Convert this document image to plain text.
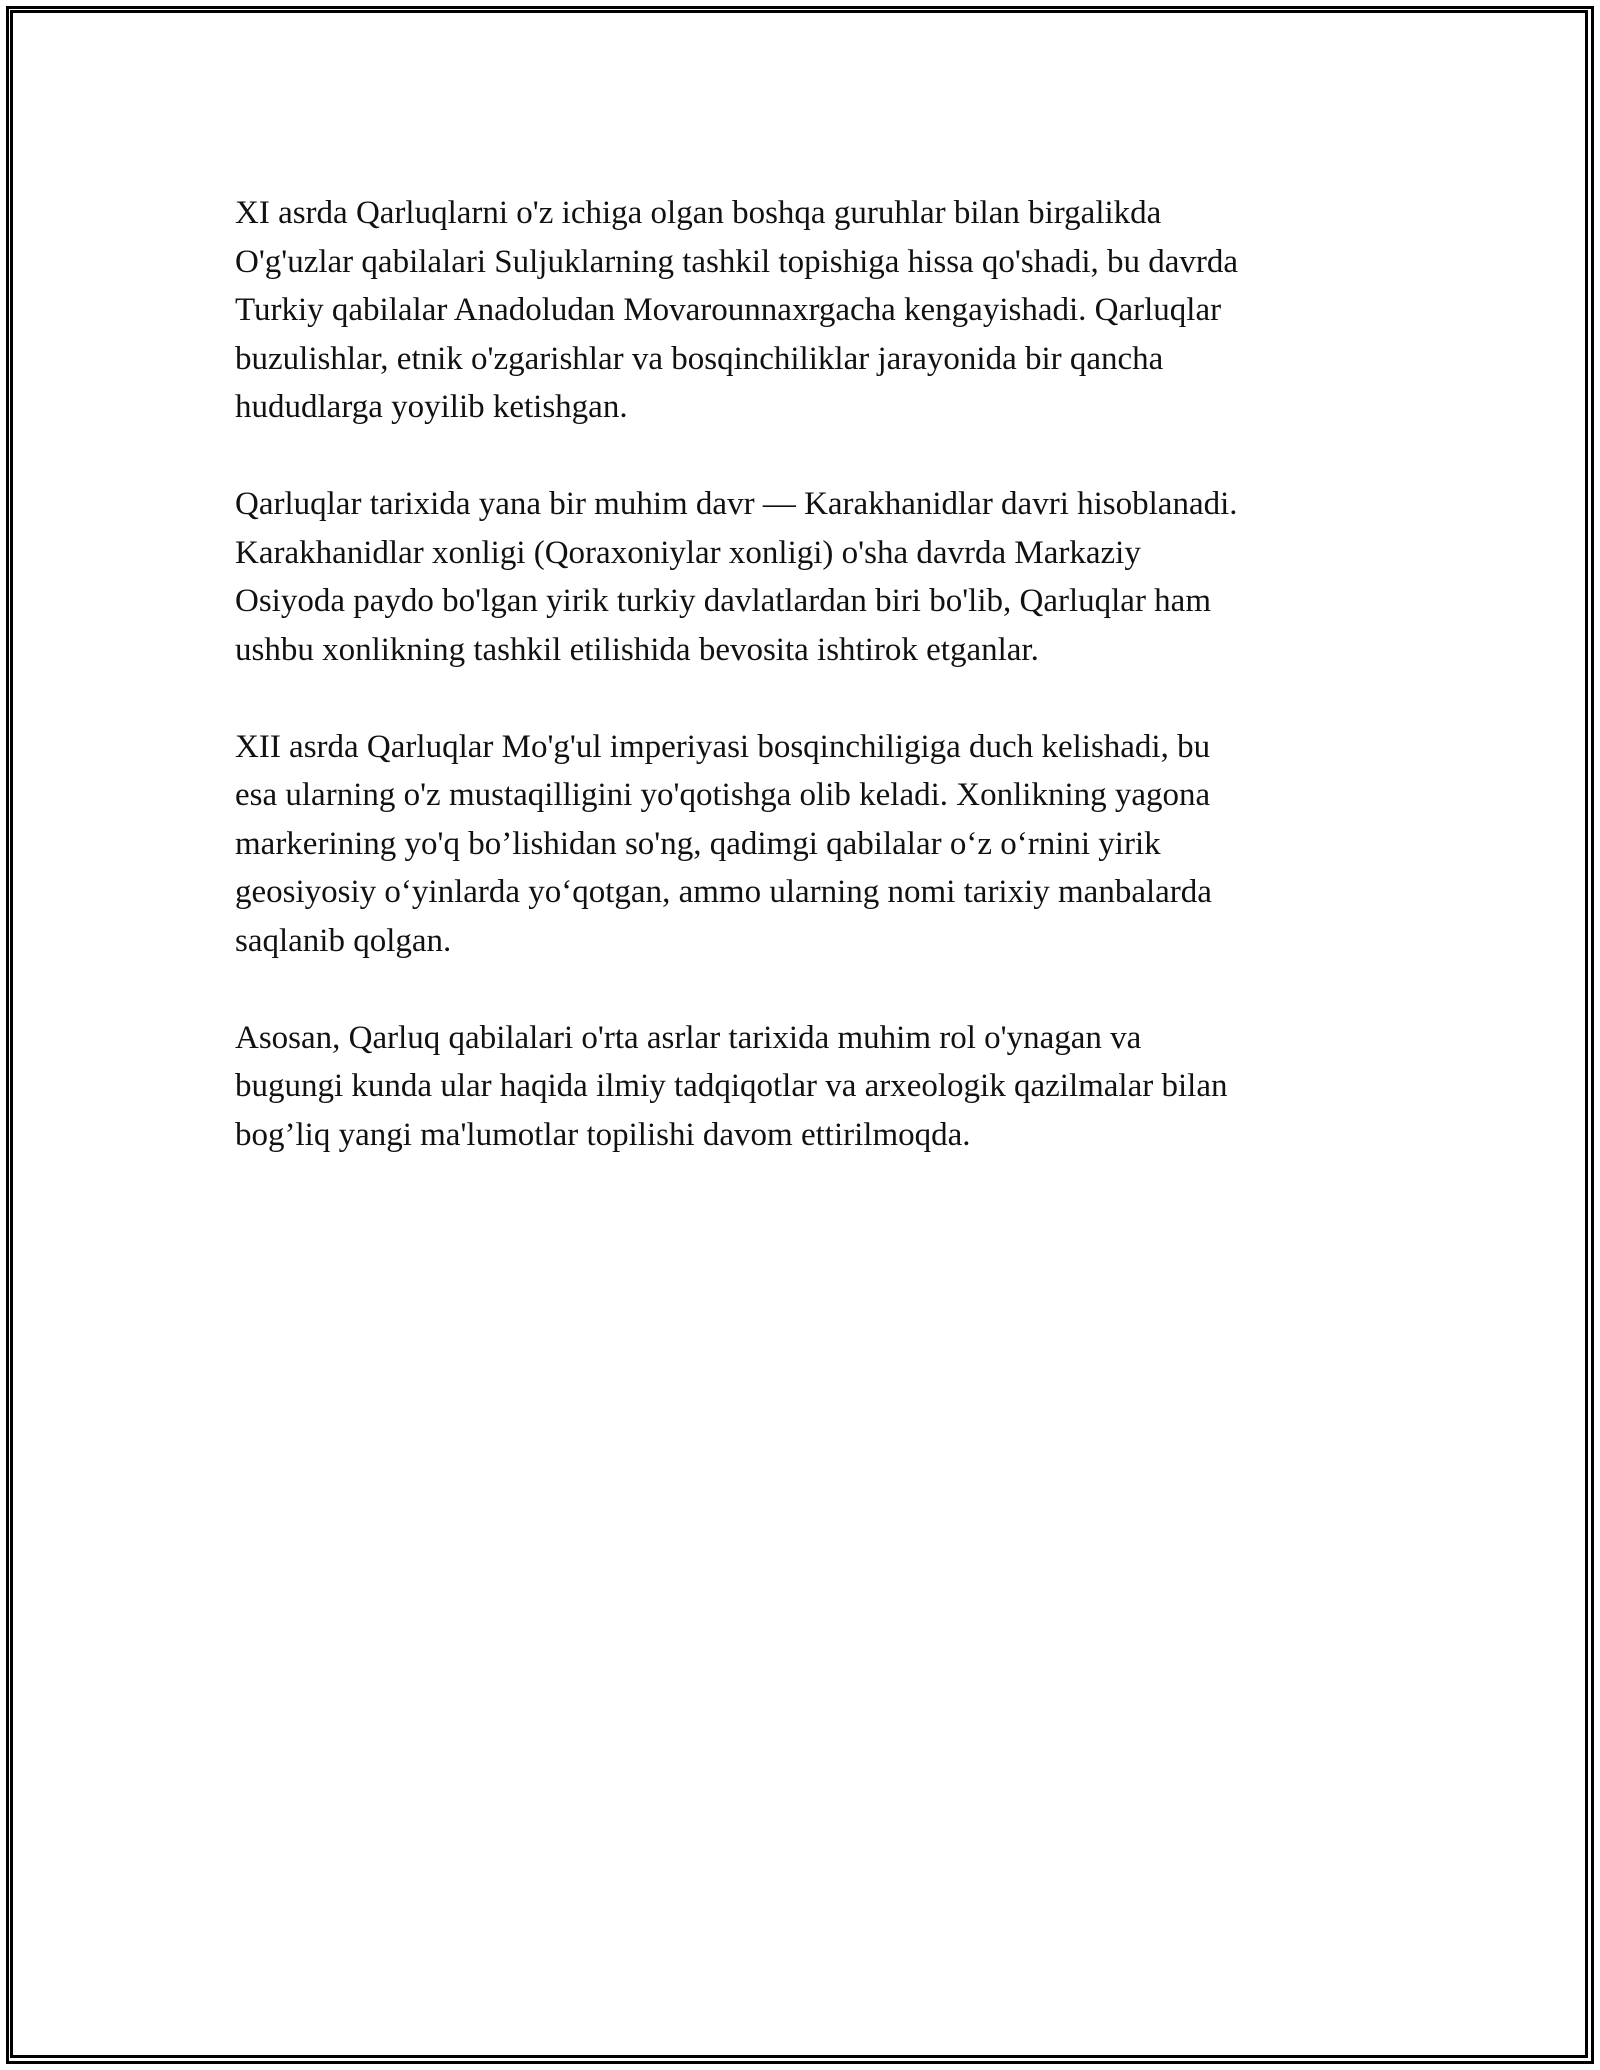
XI asrda Qarluqlarni o'z ichiga olgan boshqa guruhlar bilan birgalikda
O'g'uzlar qabilalari Suljuklarning tashkil topishiga hissa qo'shadi, bu davrda
Turkiy qabilalar Anadoludan Movarounnaxrgacha kengayishadi. Qarluqlar
buzulishlar, etnik o'zgarishlar va bosqinchiliklar jarayonida bir qancha
hududlarga yoyilib ketishgan.

Qarluqlar tarixida yana bir muhim davr — Karakhanidlar davri hisoblanadi.
Karakhanidlar xonligi (Qoraxoniylar xonligi) o'sha davrda Markaziy
Osiyoda paydo bo'lgan yirik turkiy davlatlardan biri bo'lib, Qarluqlar ham
ushbu xonlikning tashkil etilishida bevosita ishtirok etganlar.

XII asrda Qarluqlar Mo'g'ul imperiyasi bosqinchiligiga duch kelishadi, bu
esa ularning o'z mustaqilligini yo'qotishga olib keladi. Xonlikning yagona
markerining yo'q bo’lishidan so'ng, qadimgi qabilalar o‘z o‘rnini yirik
geosiyosiy o‘yinlarda yo‘qotgan, ammo ularning nomi tarixiy manbalarda
saqlanib qolgan.

Asosan, Qarluq qabilalari o'rta asrlar tarixida muhim rol o'ynagan va
bugungi kunda ular haqida ilmiy tadqiqotlar va arxeologik qazilmalar bilan
bog’liq yangi ma'lumotlar topilishi davom ettirilmoqda.
